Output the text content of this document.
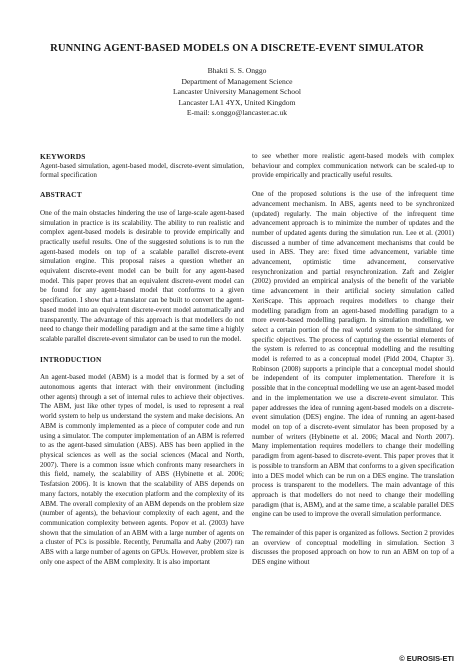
RUNNING AGENT-BASED MODELS ON A DISCRETE-EVENT SIMULATOR
Bhakti S. S. Onggo
Department of Management Science
Lancaster University Management School
Lancaster LA1 4YX, United Kingdom
E-mail: s.onggo@lancaster.ac.uk
KEYWORDS

Agent-based simulation, agent-based model, discrete-event simulation, formal specification

ABSTRACT

One of the main obstacles hindering the use of large-scale agent-based simulation in practice is its scalability. The ability to run realistic and complex agent-based models is desirable to provide empirically and practically useful results. One of the suggested solutions is to run the agent-based models on top of a scalable parallel discrete-event simulation engine. This proposal raises a question whether an equivalent discrete-event model can be built for any agent-based model. This paper proves that an equivalent discrete-event model can be found for any agent-based model that conforms to a given specification. I show that a translator can be built to convert the agent-based model into an equivalent discrete-event model automatically and transparently. The advantage of this approach is that modellers do not need to change their modelling paradigm and at the same time a highly scalable parallel discrete-event simulator can be used to run the model.

INTRODUCTION

An agent-based model (ABM) is a model that is formed by a set of autonomous agents that interact with their environment (including other agents) through a set of internal rules to achieve their objectives. The ABM, just like other types of model, is used to represent a real world system to help us understand the system and make decisions. An ABM is commonly implemented as a piece of computer code and run using a simulator. The computer implementation of an ABM is referred to as the agent-based simulation (ABS). ABS has been applied in the physical sciences as well as the social sciences (Macal and North, 2007). There is a common issue which confronts many researchers in this field, namely, the scalability of ABS (Hybinette et al. 2006; Tesfatsion 2006). It is known that the scalability of ABS depends on many factors, notably the execution platform and the complexity of its ABM. The overall complexity of an ABM depends on the problem size (number of agents), the behaviour complexity of each agent, and the communication complexity between agents. Popov et al. (2003) have shown that the simulation of an ABM with a large number of agents on a cluster of PCs is possible. Recently, Perumalla and Aaby (2007) ran ABS with a large number of agents on GPUs. However, problem size is only one aspect of the ABM complexity. It is also important

to see whether more realistic agent-based models with complex behaviour and complex communication network can be scaled-up to provide empirically and practically useful results.

One of the proposed solutions is the use of the infrequent time advancement mechanism. In ABS, agents need to be synchronized (updated) regularly. The main objective of the infrequent time advancement approach is to minimize the number of updates and the number of updated agents during the simulation run. Lee et al. (2001) discussed a number of time advancement mechanisms that could be used in ABS. They are: fixed time advancement, variable time advancement, optimistic time advancement, conservative resynchronization and partial resynchronization. Zaft and Zeigler (2002) provided an empirical analysis of the benefit of the variable time advancement in their artificial society simulation called XeriScape. This approach requires modellers to change their modelling paradigm from an agent-based modelling paradigm to a more event-based modelling paradigm. In simulation modelling, we select a certain portion of the real world system to be simulated for specific objectives. The process of capturing the essential elements of the system is referred to as conceptual modelling and the resulting model is referred to as a conceptual model (Pidd 2004, Chapter 3). Robinson (2008) supports a principle that a conceptual model should be independent of its computer implementation. Therefore it is possible that in the conceptual modelling we use an agent-based model and in the implementation we use a discrete-event simulator. This paper addresses the idea of running agent-based models on a discrete-event simulation (DES) engine. The idea of running an agent-based model on top of a discrete-event simulator has been proposed by a number of writers (Hybinette et al. 2006; Macal and North 2007). Many implementation requires modellers to change their modelling paradigm from agent-based to discrete-event. This paper proves that it is possible to transform an ABM that conforms to a given specification into a DES model which can be run on a DES engine. The translation process is transparent to the modellers. The main advantage of this approach is that modellers do not need to change their modelling paradigm (that is, ABM), and at the same time, a scalable parallel DES engine can be used to improve the overall simulation performance.

The remainder of this paper is organized as follows. Section 2 provides an overview of conceptual modelling in simulation. Section 3 discusses the proposed approach on how to run an ABM on top of a DES engine without

© EUROSIS-ETI
